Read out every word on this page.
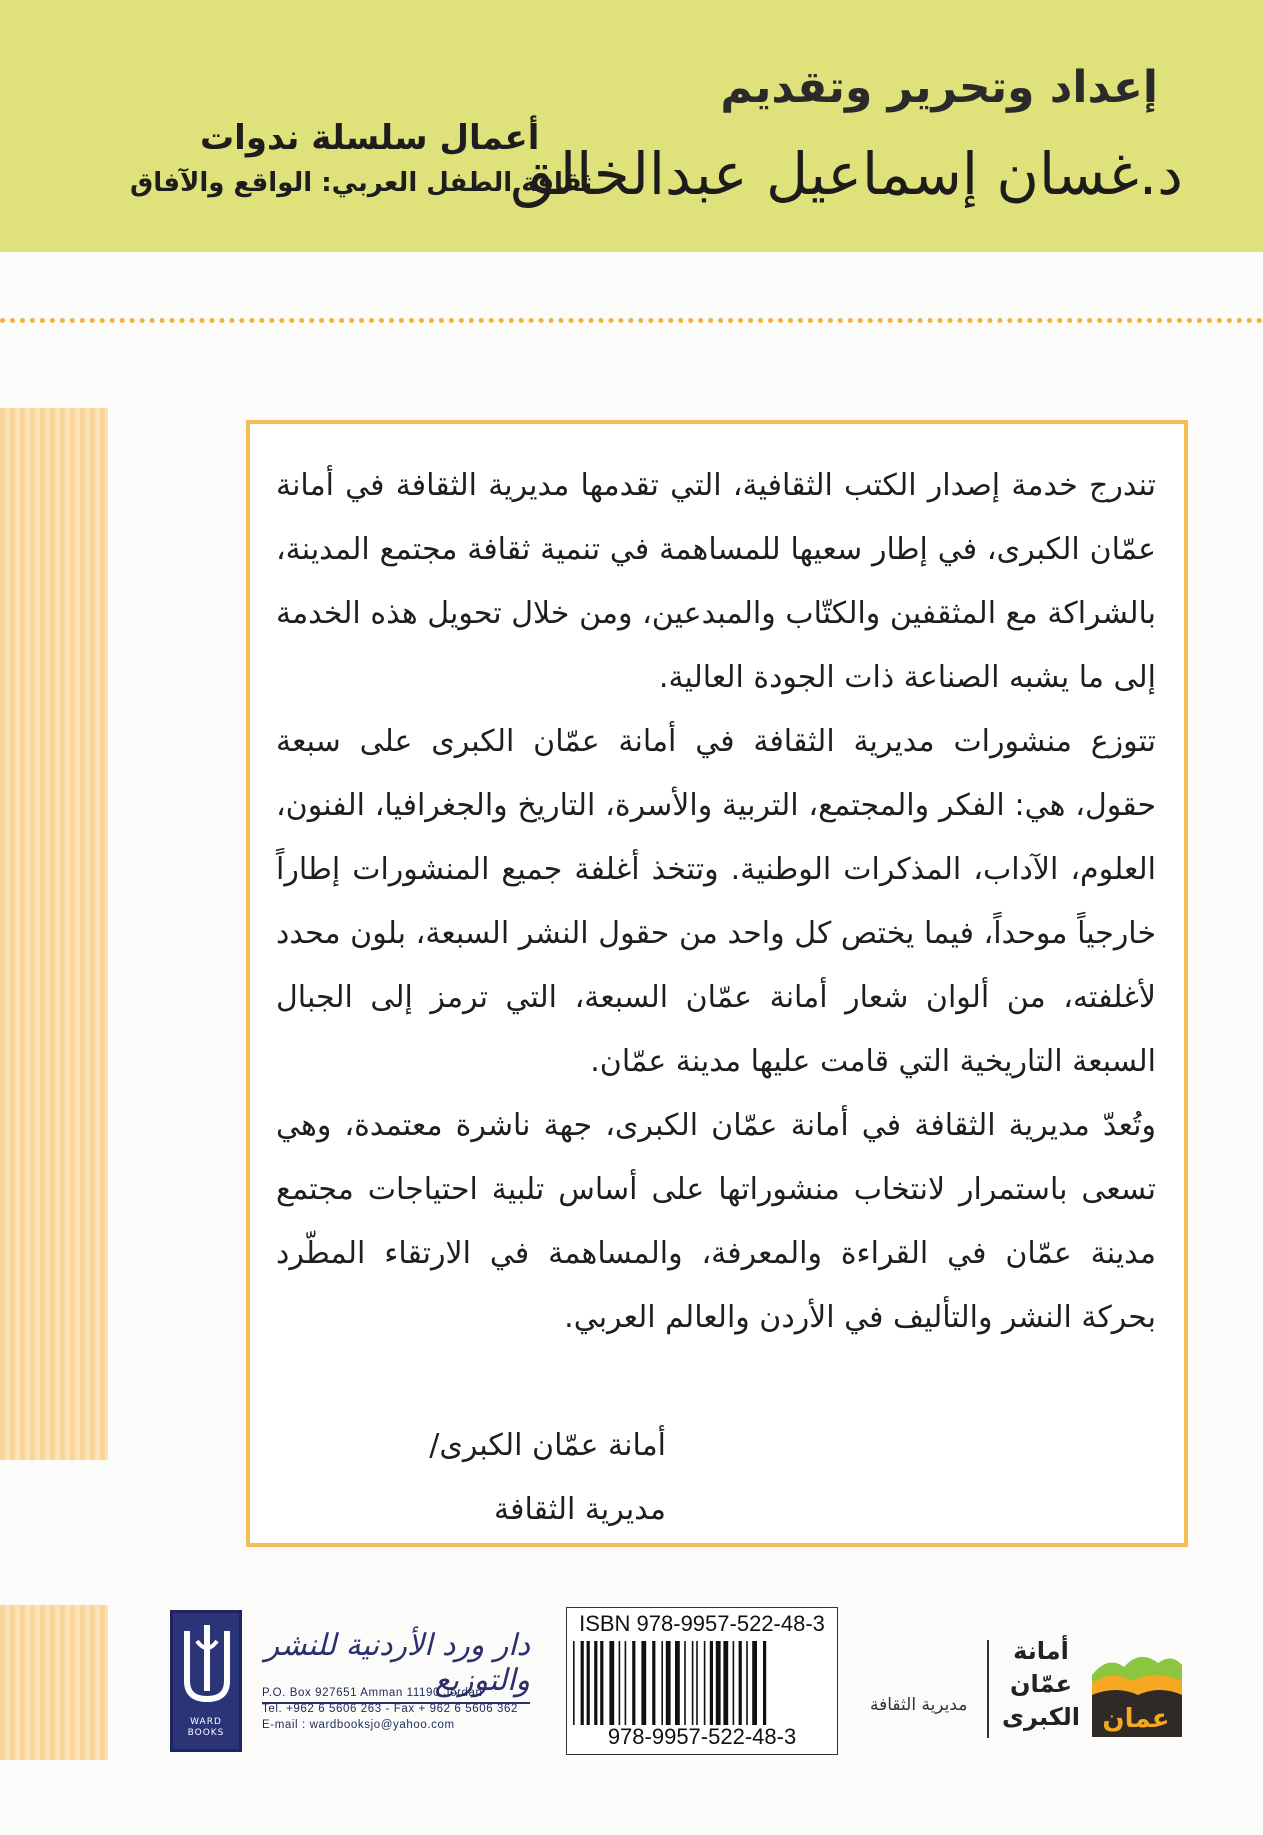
إعداد وتحرير وتقديم
د.غسان إسماعيل عبدالخالق
أعمال سلسلة ندوات
ثقافة الطفل العربي: الواقع والآفاق

تندرج خدمة إصدار الكتب الثقافية، التي تقدمها مديرية الثقافة في أمانة عمّان الكبرى، في إطار سعيها للمساهمة في تنمية ثقافة مجتمع المدينة، بالشراكة مع المثقفين والكتّاب والمبدعين، ومن خلال تحويل هذه الخدمة إلى ما يشبه الصناعة ذات الجودة العالية.

تتوزع منشورات مديرية الثقافة في أمانة عمّان الكبرى على سبعة حقول، هي: الفكر والمجتمع، التربية والأسرة، التاريخ والجغرافيا، الفنون، العلوم، الآداب، المذكرات الوطنية. وتتخذ أغلفة جميع المنشورات إطاراً خارجياً موحداً، فيما يختص كل واحد من حقول النشر السبعة، بلون محدد لأغلفته، من ألوان شعار أمانة عمّان السبعة، التي ترمز إلى الجبال السبعة التاريخية التي قامت عليها مدينة عمّان.

وتُعدّ مديرية الثقافة في أمانة عمّان الكبرى، جهة ناشرة معتمدة، وهي تسعى باستمرار لانتخاب منشوراتها على أساس تلبية احتياجات مجتمع مدينة عمّان في القراءة والمعرفة، والمساهمة في الارتقاء المطّرد بحركة النشر والتأليف في الأردن والعالم العربي.

أمانة عمّان الكبرى/
مديرية الثقافة
WARD BOOKS
دار ورد الأردنية للنشر والتوزيع
P.O. Box 927651 Amman 11190 Jordan
Tel. +962 6 5606 263 - Fax + 962 6 5606 362
E-mail : wardbooksjo@yahoo.com
ISBN 978-9957-522-48-3
978-9957-522-48-3
مديرية الثقافة
أمانة
عمّان
الكبرى عمان
